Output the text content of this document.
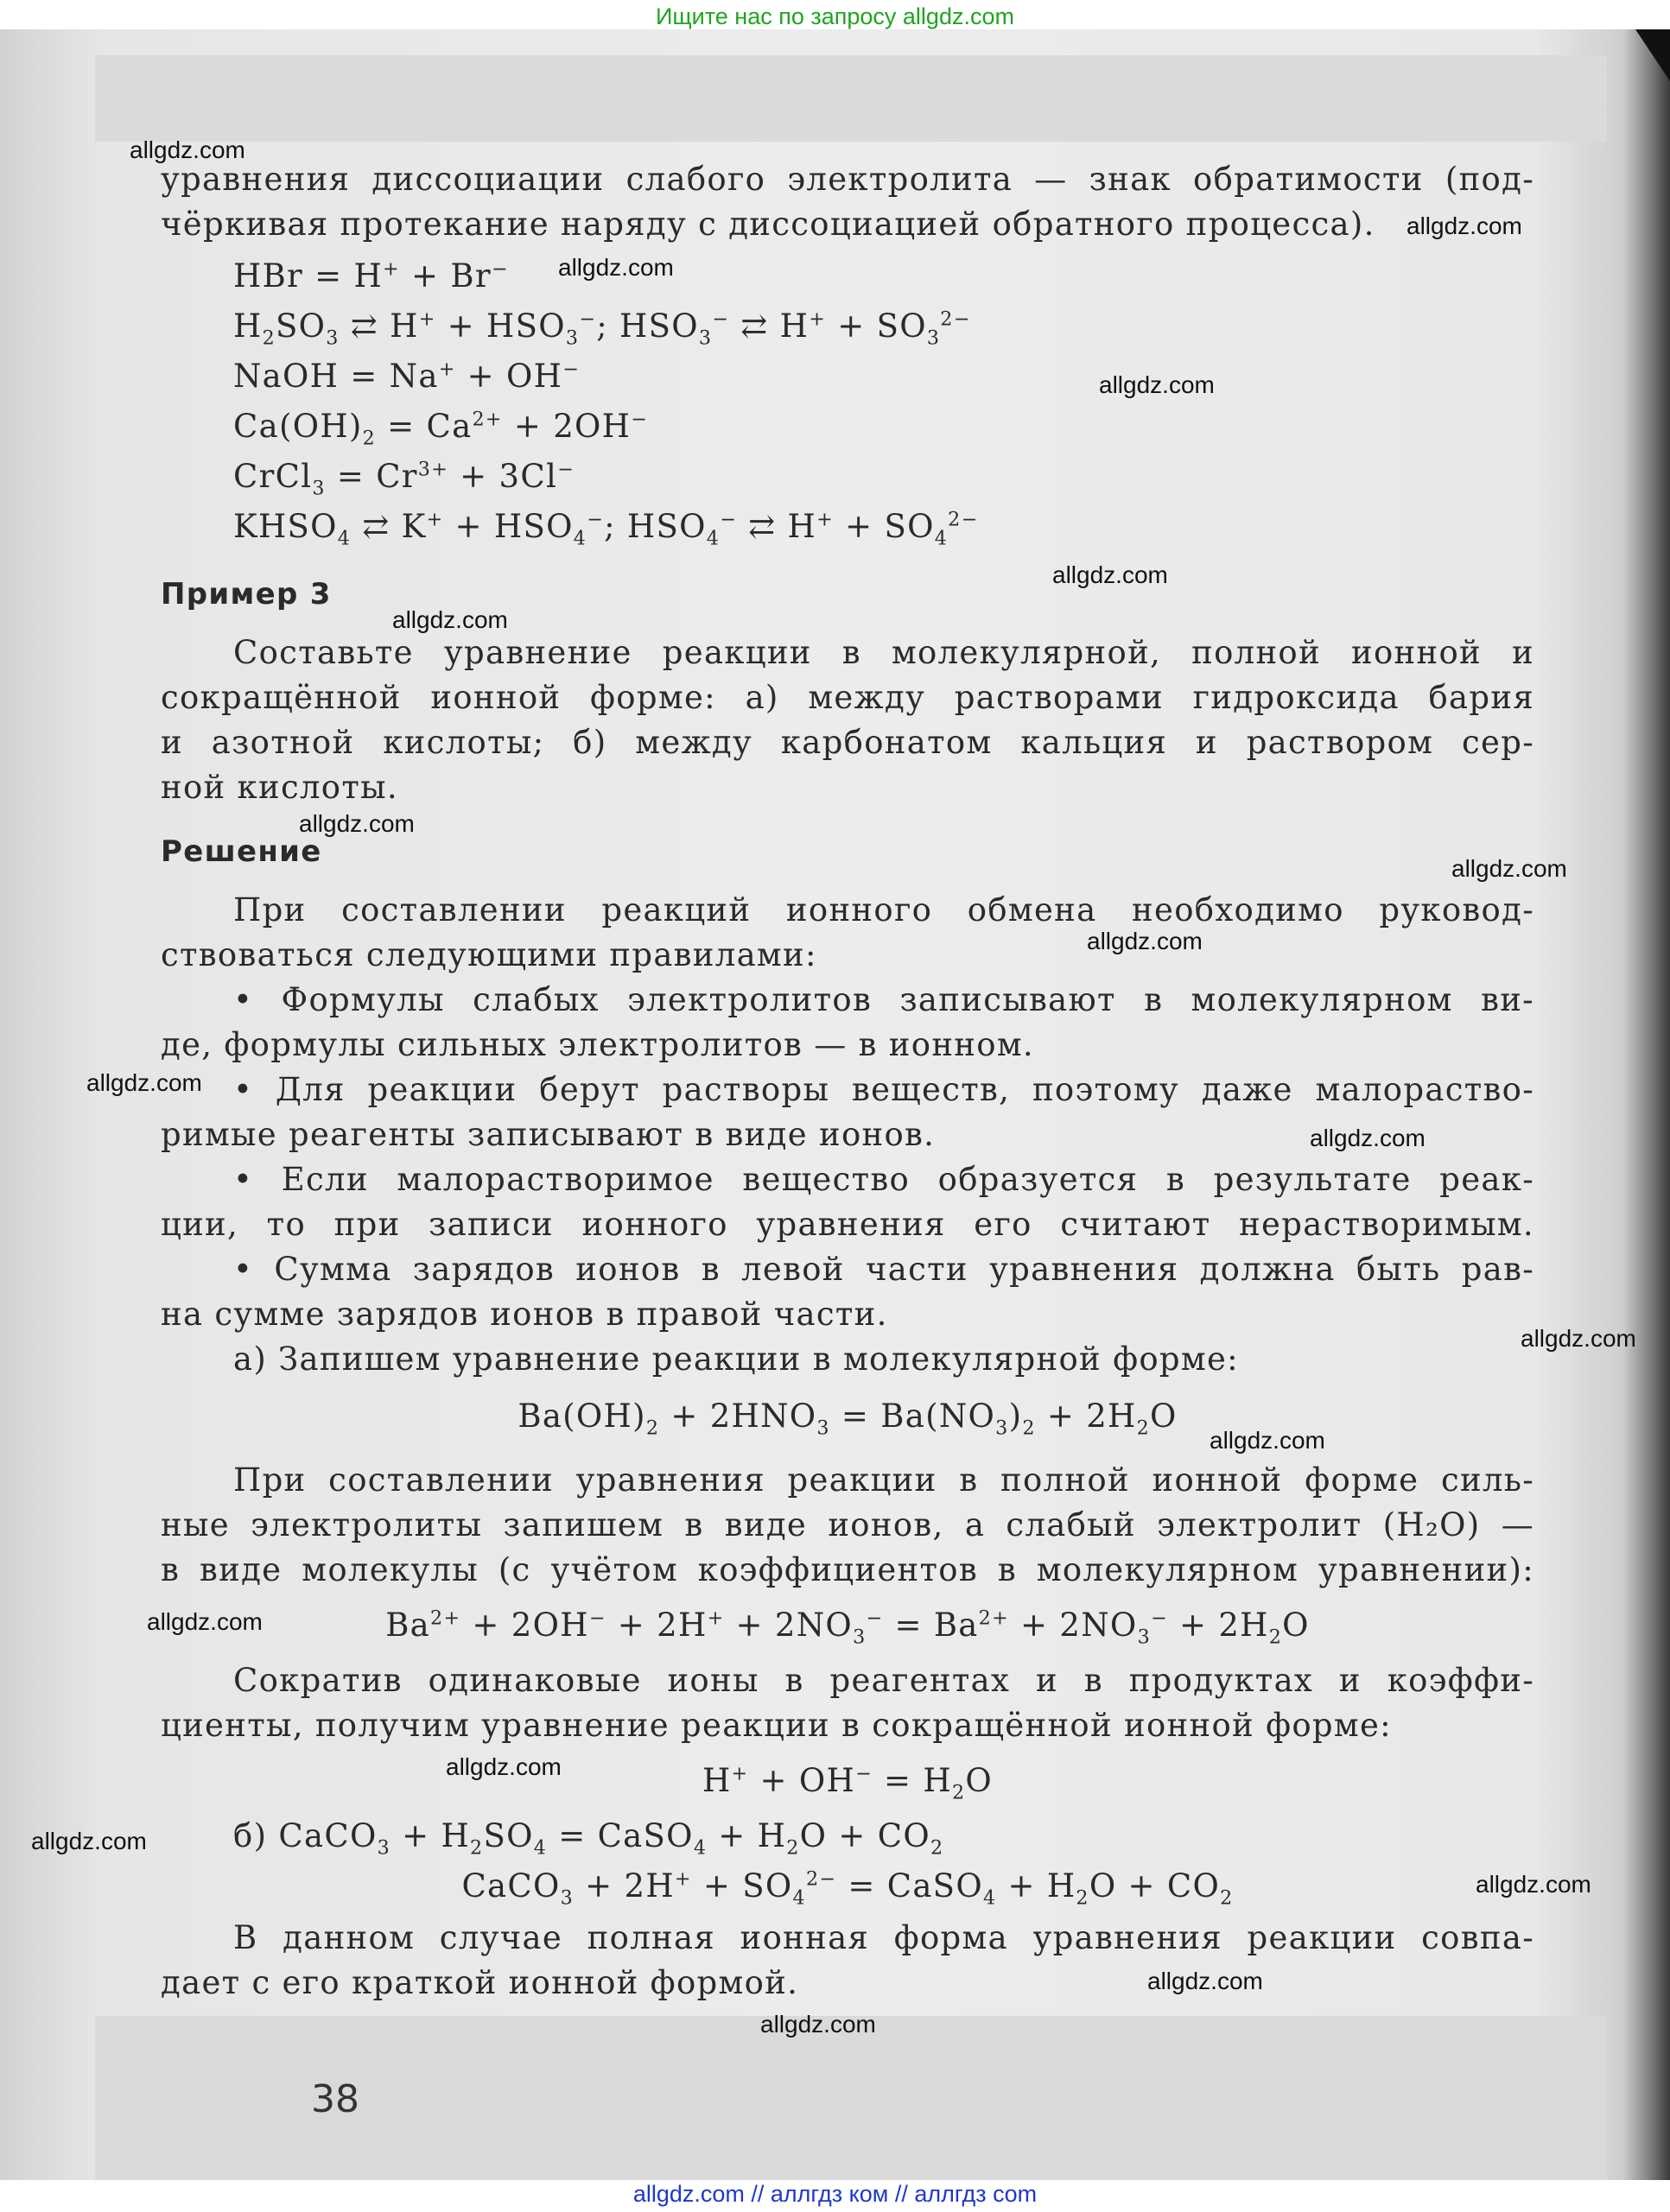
Ищите нас по запросу allgdz.com
уравнения диссоциации слабого электролита — знак обратимости (под-
чёркивая протекание наряду с диссоциацией обратного процесса).
HBr = H+ + Br−
$H_2SO_3$ ⇄ $H^+ + HSO_3^-$; $HSO_3^-$ ⇄ $H^+ + SO_3^{2-}$
NaOH = Na+ + OH−
$Ca(OH)_2 = Ca^{2+} + 2OH^-$
CrCl$_3$ = $Cr^{3+} + 3Cl^-$
$KHSO_4$ ⇄ $K^+ + HSO_4^-$; $HSO_4^-$ ⇄ $H^+ + SO_4^{2-}$
Пример 3
Составьте уравнение реакции в молекулярной, полной ионной и
сокращённой ионной форме: а) между растворами гидроксида бария
и азотной кислоты; б) между карбонатом кальция и раствором сер-
ной кислоты.
Решение
При составлении реакций ионного обмена необходимо руковод-
ствоваться следующими правилами:
• Формулы слабых электролитов записывают в молекулярном ви-
де, формулы сильных электролитов — в ионном.
• Для реакции берут растворы веществ, поэтому даже малораство-
римые реагенты записывают в виде ионов.
• Если малорастворимое вещество образуется в результате реак-
ции, то при записи ионного уравнения его считают нерастворимым.
• Сумма зарядов ионов в левой части уравнения должна быть рав-
на сумме зарядов ионов в правой части.
а) Запишем уравнение реакции в молекулярной форме:
$Ba(OH)_2 + 2HNO_3 = Ba(NO_3)_2 + 2H_2O$
При составлении уравнения реакции в полной ионной форме силь-
ные электролиты запишем в виде ионов, а слабый электролит (H₂O) —
в виде молекулы (с учётом коэффициентов в молекулярном уравнении):
$Ba^{2+} + 2OH^- + 2H^+ + 2NO_3^- = Ba^{2+} + 2NO_3^- + 2H_2O$
Сократив одинаковые ионы в реагентах и в продуктах и коэффи-
циенты, получим уравнение реакции в сокращённой ионной форме:
$H^+ + OH^- = H_2O$
б) CaCO$_3$ + $H_2SO_4$ = CaSO$_4$ + $H_2O + CO_2$
CaCO$_3$ + $2H^+ + SO_4^{2-}$ = CaSO$_4$ + $H_2O + CO_2$
В данном случае полная ионная форма уравнения реакции совпа-
дает с его краткой ионной формой.
38
allgdz.com
allgdz.com
allgdz.com
allgdz.com
allgdz.com
allgdz.com
allgdz.com
allgdz.com
allgdz.com
allgdz.com
allgdz.com
allgdz.com
allgdz.com
allgdz.com
allgdz.com
allgdz.com
allgdz.com
allgdz.com
allgdz.com
allgdz.com // аллгдз ком // аллгдз com
